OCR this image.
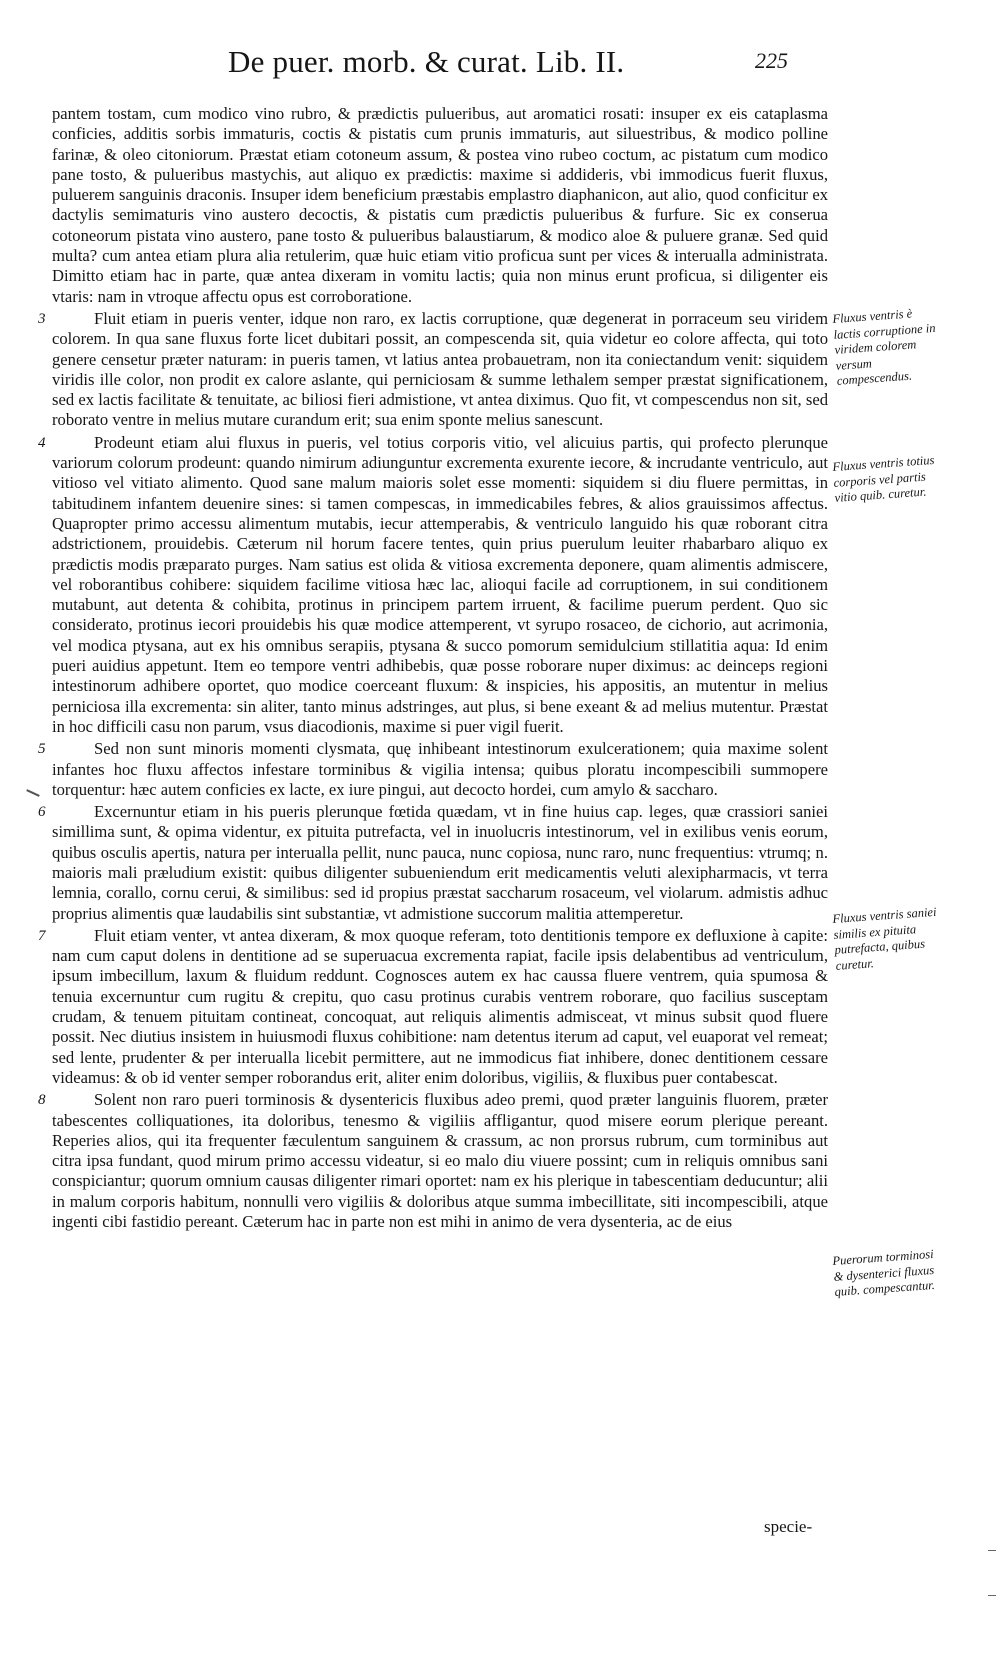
De puer. morb. & curat. Lib. II.	225

pantem tostam, cum modico vino rubro, & prædictis pulueribus, aut aromatici rosati: insuper ex eis cataplasma conficies, additis sorbis immaturis, coctis & pistatis cum prunis immaturis, aut siluestribus, & modico polline farinæ, & oleo citoniorum. Præstat etiam cotoneum assum, & postea vino rubeo coctum, ac pistatum cum modico pane tosto, & pulueribus mastychis, aut aliquo ex prædictis: maxime si addideris, vbi immodicus fuerit fluxus, puluerem sanguinis draconis. Insuper idem beneficium præstabis emplastro diaphanicon, aut alio, quod conficitur ex dactylis semimaturis vino austero decoctis, & pistatis cum prædictis pulueribus & furfure. Sic ex conserua cotoneorum pistata vino austero, pane tosto & pulueribus balaustiarum, & modico aloe & puluere granæ. Sed quid multa? cum antea etiam plura alia retulerim, quæ huic etiam vitio proficua sunt per vices & interualla administrata. Dimitto etiam hac in parte, quæ antea dixeram in vomitu lactis; quia non minus erunt proficua, si diligenter eis vtaris: nam in vtroque affectu opus est corroboratione.

3	Fluit etiam in pueris venter, idque non raro, ex lactis corruptione, quæ degenerat in porraceum seu viridem colorem. In qua sane fluxus forte licet dubitari possit, an compescenda sit, quia videtur eo colore affecta, qui toto genere censetur præter naturam: in pueris tamen, vt latius antea probauetram, non ita coniectandum venit: siquidem viridis ille color, non prodit ex calore aslante, qui perniciosam & summe lethalem semper præstat significationem, sed ex lactis facilitate & tenuitate, ac biliosi fieri admistione, vt antea diximus. Quo fit, vt compescendus non sit, sed roborato ventre in melius mutare curandum erit; sua enim sponte melius sanescunt.

4	Prodeunt etiam alui fluxus in pueris, vel totius corporis vitio, vel alicuius partis, qui profecto plerunque variorum colorum prodeunt: quando nimirum adiunguntur excrementa exurente iecore, & incrudante ventriculo, aut vitioso vel vitiato alimento. Quod sane malum maioris solet esse momenti: siquidem si diu fluere permittas, in tabitudinem infantem deuenire sines: si tamen compescas, in immedicabiles febres, & alios grauissimos affectus. Quapropter primo accessu alimentum mutabis, iecur attemperabis, & ventriculo languido his quæ roborant citra adstrictionem, prouidebis. Cæterum nil horum facere tentes, quin prius puerulum leuiter rhabarbaro aliquo ex prædictis modis præparato purges. Nam satius est olida & vitiosa excrementa deponere, quam alimentis admiscere, vel roborantibus cohibere: siquidem facilime vitiosa hæc lac, alioqui facile ad corruptionem, in sui conditionem mutabunt, aut detenta & cohibita, protinus in principem partem irruent, & facilime puerum perdent. Quo sic considerato, protinus iecori prouidebis his quæ modice attemperent, vt syrupo rosaceo, de cichorio, aut acrimonia, vel modica ptysana, aut ex his omnibus serapiis, ptysana & succo pomorum semidulcium stillatitia aqua: Id enim pueri auidius appetunt. Item eo tempore ventri adhibebis, quæ posse roborare nuper diximus: ac deinceps regioni intestinorum adhibere oportet, quo modice coerceant fluxum: & inspicies, his appositis, an mutentur in melius perniciosa illa excrementa: sin aliter, tanto minus adstringes, aut plus, si bene exeant & ad melius mutentur. Præstat in hoc difficili casu non parum, vsus diacodionis, maxime si puer vigil fuerit.

5	Sed non sunt minoris momenti clysmata, quę inhibeant intestinorum exulcerationem; quia maxime solent infantes hoc fluxu affectos infestare torminibus & vigilia intensa; quibus ploratu incompescibili summopere torquentur: hæc autem conficies ex lacte, ex iure pingui, aut decocto hordei, cum amylo & saccharo.

6	Excernuntur etiam in his pueris plerunque fœtida quædam, vt in fine huius cap. leges, quæ crassiori saniei simillima sunt, & opima videntur, ex pituita putrefacta, vel in inuolucris intestinorum, vel in exilibus venis eorum, quibus osculis apertis, natura per interualla pellit, nunc pauca, nunc copiosa, nunc raro, nunc frequentius: vtrumq; n. maioris mali præludium existit: quibus diligenter subueniendum erit medicamentis veluti alexipharmacis, vt terra lemnia, corallo, cornu cerui, & similibus: sed id propius præstat saccharum rosaceum, vel violarum. admistis adhuc proprius alimentis quæ laudabilis sint substantiæ, vt admistione succorum malitia attemperetur.

7	Fluit etiam venter, vt antea dixeram, & mox quoque referam, toto dentitionis tempore ex defluxione à capite: nam cum caput dolens in dentitione ad se superuacua excrementa rapiat, facile ipsis delabentibus ad ventriculum, ipsum imbecillum, laxum & fluidum reddunt. Cognosces autem ex hac caussa fluere ventrem, quia spumosa & tenuia excernuntur cum rugitu & crepitu, quo casu protinus curabis ventrem roborare, quo facilius susceptam crudam, & tenuem pituitam contineat, concoquat, aut reliquis alimentis admisceat, vt minus subsit quod fluere possit. Nec diutius insistem in huiusmodi fluxus cohibitione: nam detentus iterum ad caput, vel euaporat vel remeat; sed lente, prudenter & per interualla licebit permittere, aut ne immodicus fiat inhibere, donec dentitionem cessare videamus: & ob id venter semper roborandus erit, aliter enim doloribus, vigiliis, & fluxibus puer contabescat.

8	Solent non raro pueri torminosis & dysentericis fluxibus adeo premi, quod præter languinis fluorem, præter tabescentes colliquationes, ita doloribus, tenesmo & vigiliis affligantur, quod misere eorum plerique pereant. Reperies alios, qui ita frequenter fæculentum sanguinem & crassum, ac non prorsus rubrum, cum torminibus aut citra ipsa fundant, quod mirum primo accessu videatur, si eo malo diu viuere possint; cum in reliquis omnibus sani conspiciantur; quorum omnium causas diligenter rimari oportet: nam ex his plerique in tabescentiam deducuntur; alii in malum corporis habitum, nonnulli vero vigiliis & doloribus atque summa imbecillitate, siti incompescibili, atque ingenti cibi fastidio pereant. Cæterum hac in parte non est mihi in animo de vera dysenteria, ac de eius

Fluxus ventris è lactis corruptione in viridem colorem versum compescendus.
Fluxus ventris totius corporis vel partis vitio quib. curetur.
Fluxus ventris saniei similis ex pituita putrefacta, quibus curetur.
Puerorum torminosi & dysenterici fluxus quib. compescantur.
specie-
